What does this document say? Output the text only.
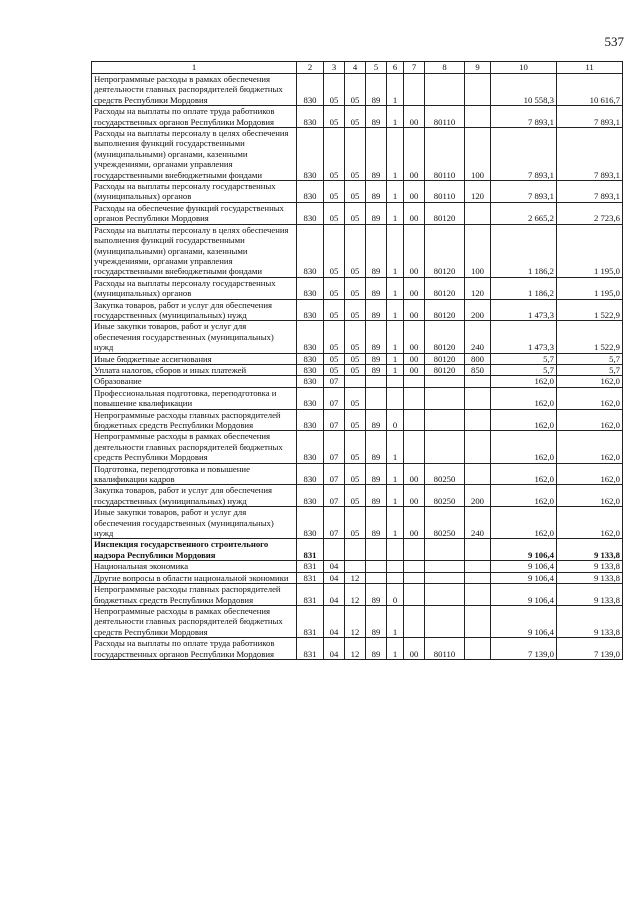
537
1	2	3	4	5	6	7	8	9	10	11
Непрограммные расходы в рамках обеспечения деятельности главных распорядителей бюджетных средств Республики Мордовия	830	05	05	89	1				10 558,3	10 616,7
Расходы на выплаты по оплате труда работников государственных органов Республики Мордовия	830	05	05	89	1	00	80110		7 893,1	7 893,1
Расходы на выплаты персоналу в целях обеспечения выполнения функций государственными (муниципальными) органами, казенными учреждениями, органами управления государственными внебюджетными фондами	830	05	05	89	1	00	80110	100	7 893,1	7 893,1
Расходы на выплаты персоналу государственных (муниципальных) органов	830	05	05	89	1	00	80110	120	7 893,1	7 893,1
Расходы на обеспечение функций государственных органов Республики Мордовия	830	05	05	89	1	00	80120		2 665,2	2 723,6
Расходы на выплаты персоналу в целях обеспечения выполнения функций государственными (муниципальными) органами, казенными учреждениями, органами управления государственными внебюджетными фондами	830	05	05	89	1	00	80120	100	1 186,2	1 195,0
Расходы на выплаты персоналу государственных (муниципальных) органов	830	05	05	89	1	00	80120	120	1 186,2	1 195,0
Закупка товаров, работ и услуг для обеспечения государственных (муниципальных) нужд	830	05	05	89	1	00	80120	200	1 473,3	1 522,9
Иные закупки товаров, работ и услуг для обеспечения государственных (муниципальных) нужд	830	05	05	89	1	00	80120	240	1 473,3	1 522,9
Иные бюджетные ассигнования	830	05	05	89	1	00	80120	800	5,7	5,7
Уплата налогов, сборов и иных платежей	830	05	05	89	1	00	80120	850	5,7	5,7
Образование	830	07							162,0	162,0
Профессиональная подготовка, переподготовка и повышение квалификации	830	07	05						162,0	162,0
Непрограммные расходы главных распорядителей бюджетных средств Республики Мордовия	830	07	05	89	0				162,0	162,0
Непрограммные расходы в рамках обеспечения деятельности главных распорядителей бюджетных средств Республики Мордовия	830	07	05	89	1				162,0	162,0
Подготовка, переподготовка и повышение квалификации кадров	830	07	05	89	1	00	80250		162,0	162,0
Закупка товаров, работ и услуг для обеспечения государственных (муниципальных) нужд	830	07	05	89	1	00	80250	200	162,0	162,0
Иные закупки товаров, работ и услуг для обеспечения государственных (муниципальных) нужд	830	07	05	89	1	00	80250	240	162,0	162,0
Инспекция государственного строительного надзора Республики Мордовия	831								9 106,4	9 133,8
Национальная экономика	831	04							9 106,4	9 133,8
Другие вопросы в области национальной экономики	831	04	12						9 106,4	9 133,8
Непрограммные расходы главных распорядителей бюджетных средств Республики Мордовия	831	04	12	89	0				9 106,4	9 133,8
Непрограммные расходы в рамках обеспечения деятельности главных распорядителей бюджетных средств Республики Мордовия	831	04	12	89	1				9 106,4	9 133,8
Расходы на выплаты по оплате труда работников государственных органов Республики Мордовия	831	04	12	89	1	00	80110		7 139,0	7 139,0
